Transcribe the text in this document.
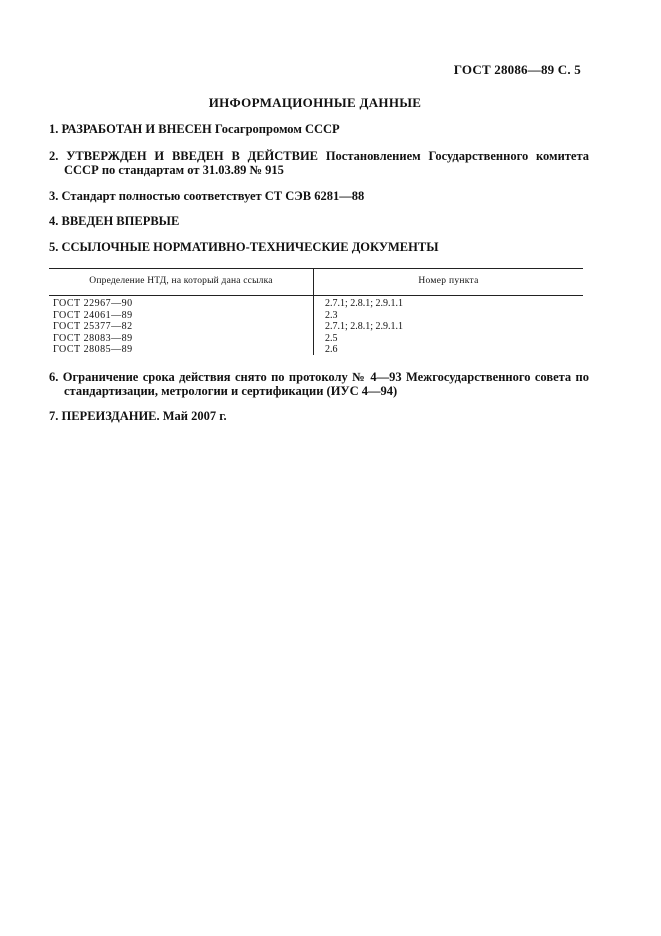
ГОСТ 28086—89 С. 5
ИНФОРМАЦИОННЫЕ ДАННЫЕ
1. РАЗРАБОТАН И ВНЕСЕН Госагропромом СССР
2. УТВЕРЖДЕН И ВВЕДЕН В ДЕЙСТВИЕ Постановлением Государственного комитета СССР по стандартам от 31.03.89 № 915
3. Стандарт полностью соответствует СТ СЭВ 6281—88
4. ВВЕДЕН ВПЕРВЫЕ
5. ССЫЛОЧНЫЕ НОРМАТИВНО-ТЕХНИЧЕСКИЕ ДОКУМЕНТЫ
Определение НТД, на который дана ссылка	Номер пункта
ГОСТ 22967—90	2.7.1; 2.8.1; 2.9.1.1
ГОСТ 24061—89	2.3
ГОСТ 25377—82	2.7.1; 2.8.1; 2.9.1.1
ГОСТ 28083—89	2.5
ГОСТ 28085—89	2.6
6. Ограничение срока действия снято по протоколу № 4—93 Межгосударственного совета по стандартизации, метрологии и сертификации (ИУС 4—94)
7. ПЕРЕИЗДАНИЕ. Май 2007 г.
